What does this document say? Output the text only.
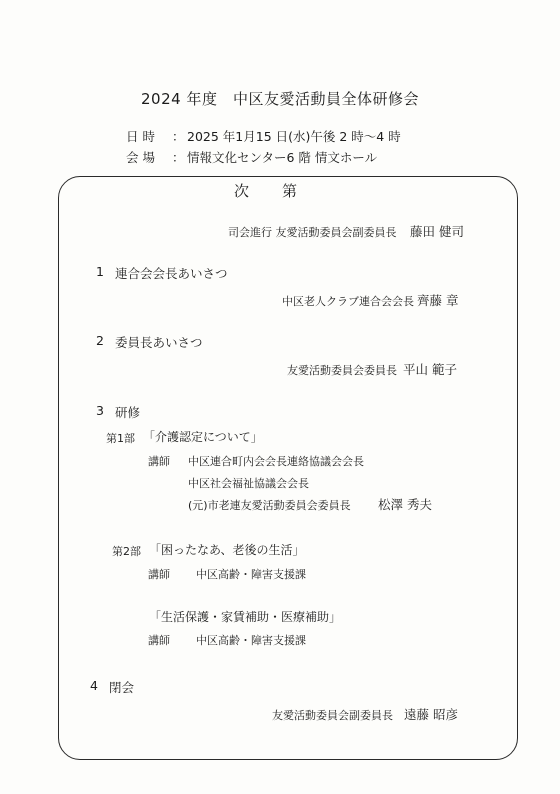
2024 年度　中区友愛活動員全体研修会
日 時 ： 2025 年1月15 日(水)午後 2 時～4 時
会 場 ： 情報文化センター6 階 情文ホール
次　　第
司会進行 友愛活動委員会副委員長 藤田 健司
1 連合会会長あいさつ
中区老人クラブ連合会会長 齊藤 章
2 委員長あいさつ
友愛活動委員会委員長 平山 範子
3 研修
第1部 「介護認定について」
講師 中区連合町内会会長連絡協議会会長
中区社会福祉協議会会長
(元)市老連友愛活動委員会委員長 松澤 秀夫
第2部 「困ったなあ、老後の生活」
講師 中区高齢・障害支援課
「生活保護・家賃補助・医療補助」
講師 中区高齢・障害支援課
4 閉会
友愛活動委員会副委員長 遠藤 昭彦
